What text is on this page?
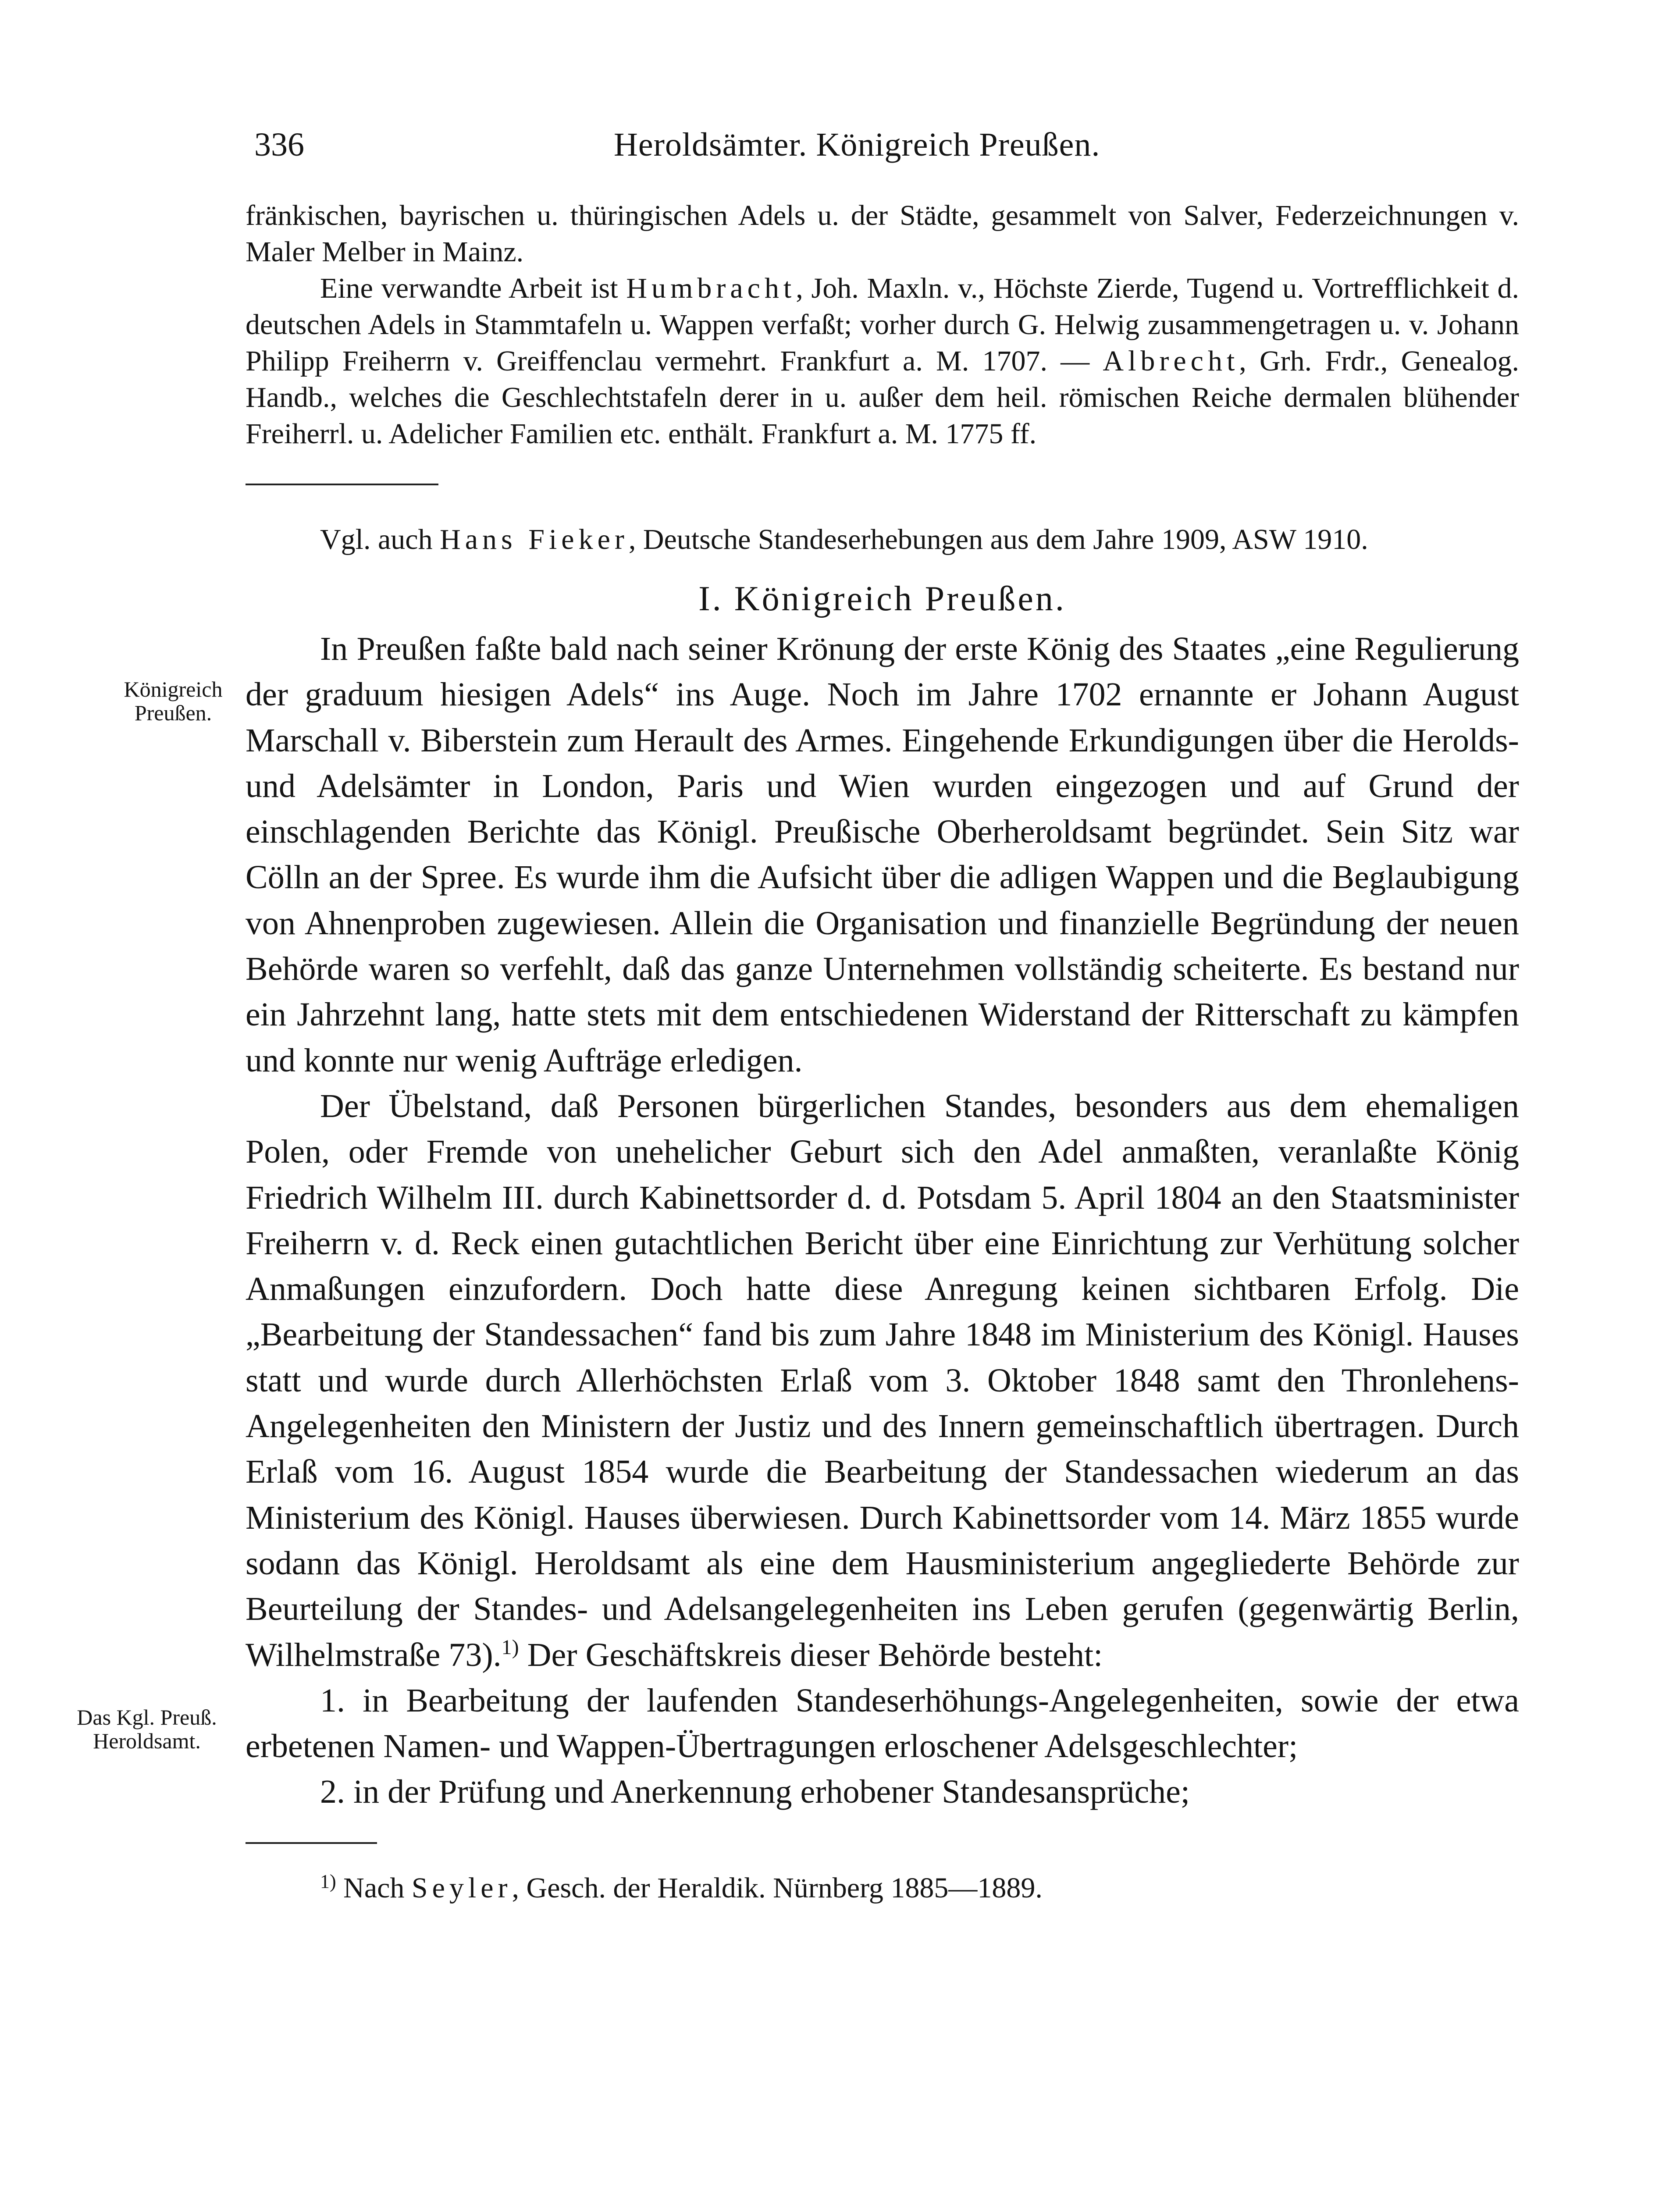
336	Heroldsämter. Königreich Preußen.
Königreich Preußen.
Das Kgl. Preuß. Heroldsamt.

fränkischen, bayrischen u. thüringischen Adels u. der Städte, gesammelt von Salver, Federzeichnungen v. Maler Melber in Mainz.

Eine verwandte Arbeit ist Humbracht, Joh. Maxln. v., Höchste Zierde, Tugend u. Vortrefflichkeit d. deutschen Adels in Stammtafeln u. Wappen verfaßt; vorher durch G. Helwig zusammengetragen u. v. Johann Philipp Freiherrn v. Greiffenclau vermehrt. Frankfurt a. M. 1707. — Albrecht, Grh. Frdr., Genealog. Handb., welches die Geschlechtstafeln derer in u. außer dem heil. römischen Reiche dermalen blühender Freiherrl. u. Adelicher Familien etc. enthält. Frankfurt a. M. 1775 ff.

Vgl. auch Hans Fieker, Deutsche Standeserhebungen aus dem Jahre 1909, ASW 1910.

I. Königreich Preußen.

In Preußen faßte bald nach seiner Krönung der erste König des Staates „eine Regulierung der graduum hiesigen Adels“ ins Auge. Noch im Jahre 1702 ernannte er Johann August Marschall v. Biberstein zum Herault des Armes. Eingehende Erkundigungen über die Herolds- und Adelsämter in London, Paris und Wien wurden eingezogen und auf Grund der einschlagenden Berichte das Königl. Preußische Oberheroldsamt begründet. Sein Sitz war Cölln an der Spree. Es wurde ihm die Aufsicht über die adligen Wappen und die Beglaubigung von Ahnenproben zugewiesen. Allein die Organisation und finanzielle Begründung der neuen Behörde waren so verfehlt, daß das ganze Unternehmen vollständig scheiterte. Es bestand nur ein Jahrzehnt lang, hatte stets mit dem entschiedenen Widerstand der Ritterschaft zu kämpfen und konnte nur wenig Aufträge erledigen.

Der Übelstand, daß Personen bürgerlichen Standes, besonders aus dem ehemaligen Polen, oder Fremde von unehelicher Geburt sich den Adel anmaßten, veranlaßte König Friedrich Wilhelm III. durch Kabinettsorder d. d. Potsdam 5. April 1804 an den Staatsminister Freiherrn v. d. Reck einen gutachtlichen Bericht über eine Einrichtung zur Verhütung solcher Anmaßungen einzufordern. Doch hatte diese Anregung keinen sichtbaren Erfolg. Die „Bearbeitung der Standessachen“ fand bis zum Jahre 1848 im Ministerium des Königl. Hauses statt und wurde durch Allerhöchsten Erlaß vom 3. Oktober 1848 samt den Thronlehens-Angelegenheiten den Ministern der Justiz und des Innern gemeinschaftlich übertragen. Durch Erlaß vom 16. August 1854 wurde die Bearbeitung der Standessachen wiederum an das Ministerium des Königl. Hauses überwiesen. Durch Kabinettsorder vom 14. März 1855 wurde sodann das Königl. Heroldsamt als eine dem Hausministerium angegliederte Behörde zur Beurteilung der Standes- und Adelsangelegenheiten ins Leben gerufen (gegenwärtig Berlin, Wilhelmstraße 73).$^{1)}$ Der Geschäftskreis dieser Behörde besteht:

1. in Bearbeitung der laufenden Standeserhöhungs-Angelegenheiten, sowie der etwa erbetenen Namen- und Wappen-Übertragungen erloschener Adelsgeschlechter;

2. in der Prüfung und Anerkennung erhobener Standesansprüche;

$^{1)}$ Nach Seyler, Gesch. der Heraldik. Nürnberg 1885—1889.
